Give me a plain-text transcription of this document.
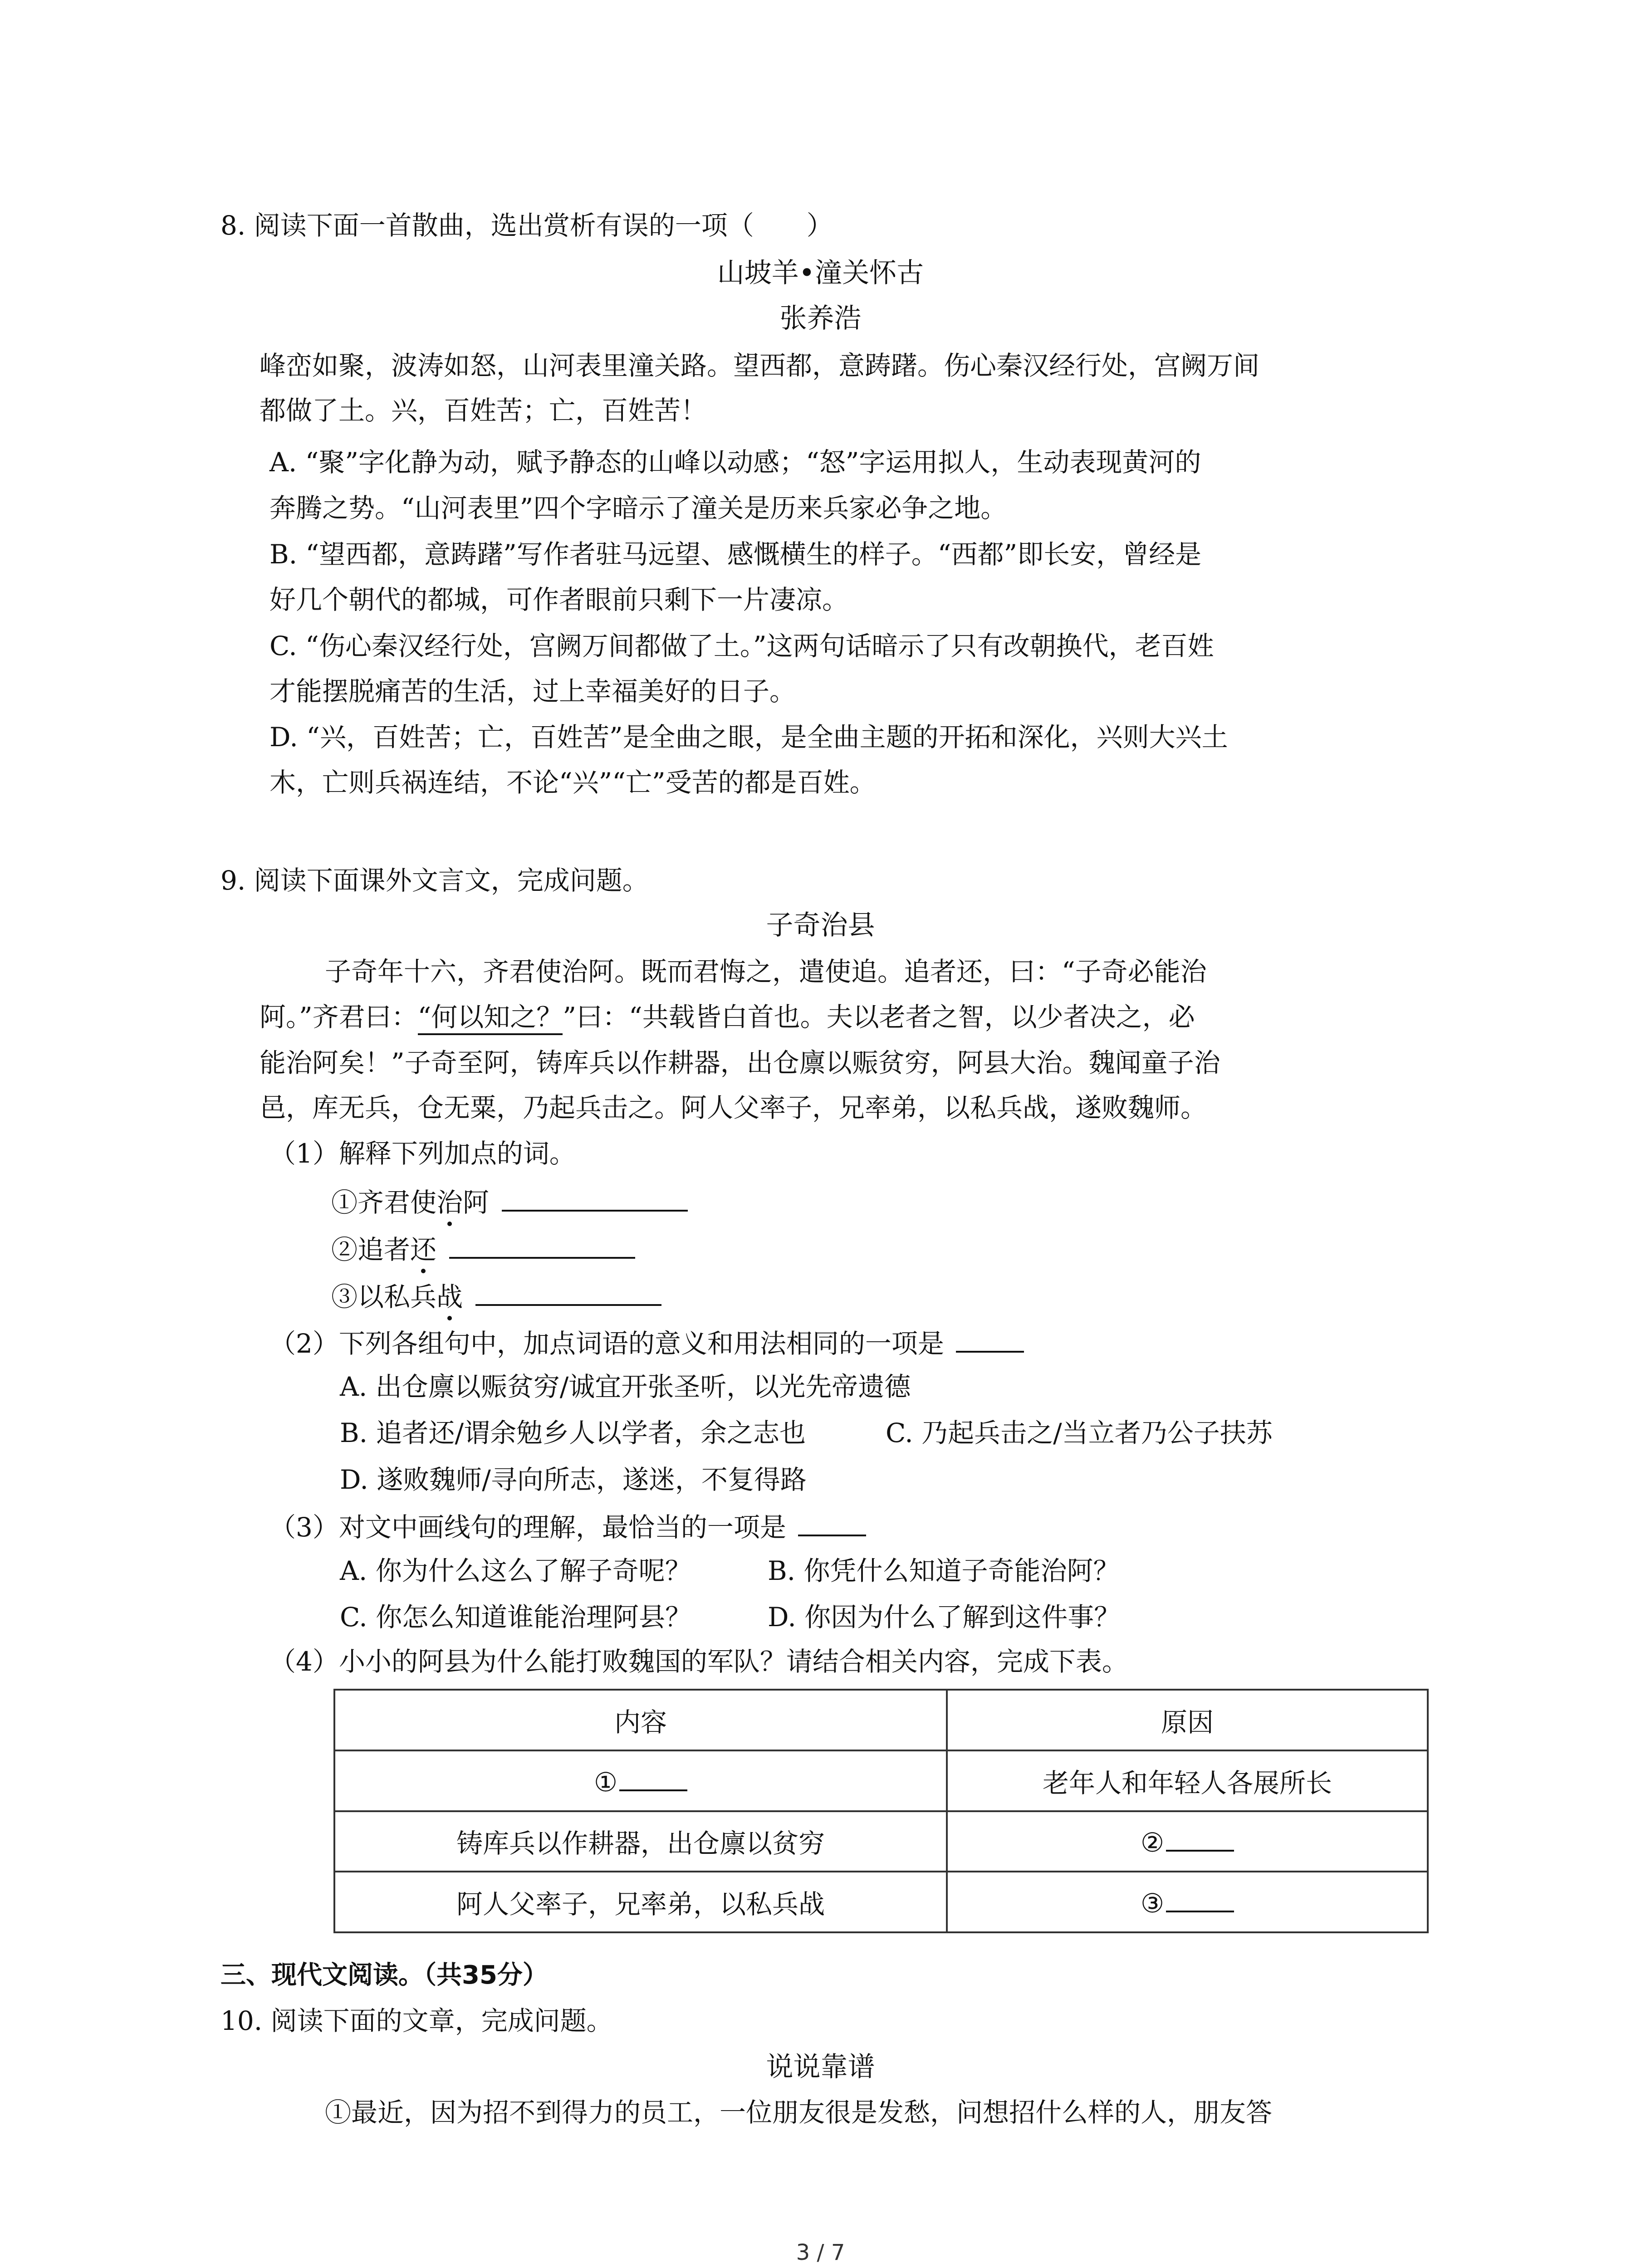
8. 阅读下面一首散曲，选出赏析有误的一项（　　）
山坡羊•潼关怀古
张养浩
峰峦如聚，波涛如怒，山河表里潼关路。望西都，意踌躇。伤心秦汉经行处，宫阙万间
都做了土。兴，百姓苦；亡，百姓苦！
A. “聚”字化静为动，赋予静态的山峰以动感；“怒”字运用拟人，生动表现黄河的
奔腾之势。“山河表里”四个字暗示了潼关是历来兵家必争之地。
B. “望西都，意踌躇”写作者驻马远望、感慨横生的样子。“西都”即长安，曾经是
好几个朝代的都城，可作者眼前只剩下一片凄凉。
C. “伤心秦汉经行处，宫阙万间都做了土。”这两句话暗示了只有改朝换代，老百姓
才能摆脱痛苦的生活，过上幸福美好的日子。
D. “兴，百姓苦；亡，百姓苦”是全曲之眼，是全曲主题的开拓和深化，兴则大兴土
木，亡则兵祸连结，不论“兴”“亡”受苦的都是百姓。
9. 阅读下面课外文言文，完成问题。
子奇治县
子奇年十六，齐君使治阿。既而君悔之，遣使追。追者还，曰：“子奇必能治
阿。”齐君曰：“何以知之？”曰：“共载皆白首也。夫以老者之智，以少者决之，必
能治阿矣！”子奇至阿，铸库兵以作耕器，出仓廪以赈贫穷，阿县大治。魏闻童子治
邑，库无兵，仓无粟，乃起兵击之。阿人父率子，兄率弟，以私兵战，遂败魏师。
（1）解释下列加点的词。
①齐君使治阿
②追者还
③以私兵战
（2）下列各组句中，加点词语的意义和用法相同的一项是
A. 出仓廪以赈贫穷/诚宜开张圣听，以光先帝遗德
B. 追者还/谓余勉乡人以学者，余之志也	C. 乃起兵击之/当立者乃公子扶苏
D. 遂败魏师/寻向所志，遂迷，不复得路
（3）对文中画线句的理解，最恰当的一项是
A. 你为什么这么了解子奇呢？	B. 你凭什么知道子奇能治阿？
C. 你怎么知道谁能治理阿县？	D. 你因为什么了解到这件事？
（4）小小的阿县为什么能打败魏国的军队？请结合相关内容，完成下表。
内容	原因
①	老年人和年轻人各展所长
铸库兵以作耕器，出仓廪以贫穷	②
阿人父率子，兄率弟，以私兵战	③
三、现代文阅读。（共35分）
10. 阅读下面的文章，完成问题。
说说靠谱
①最近，因为招不到得力的员工，一位朋友很是发愁，问想招什么样的人，朋友答
3 / 7
